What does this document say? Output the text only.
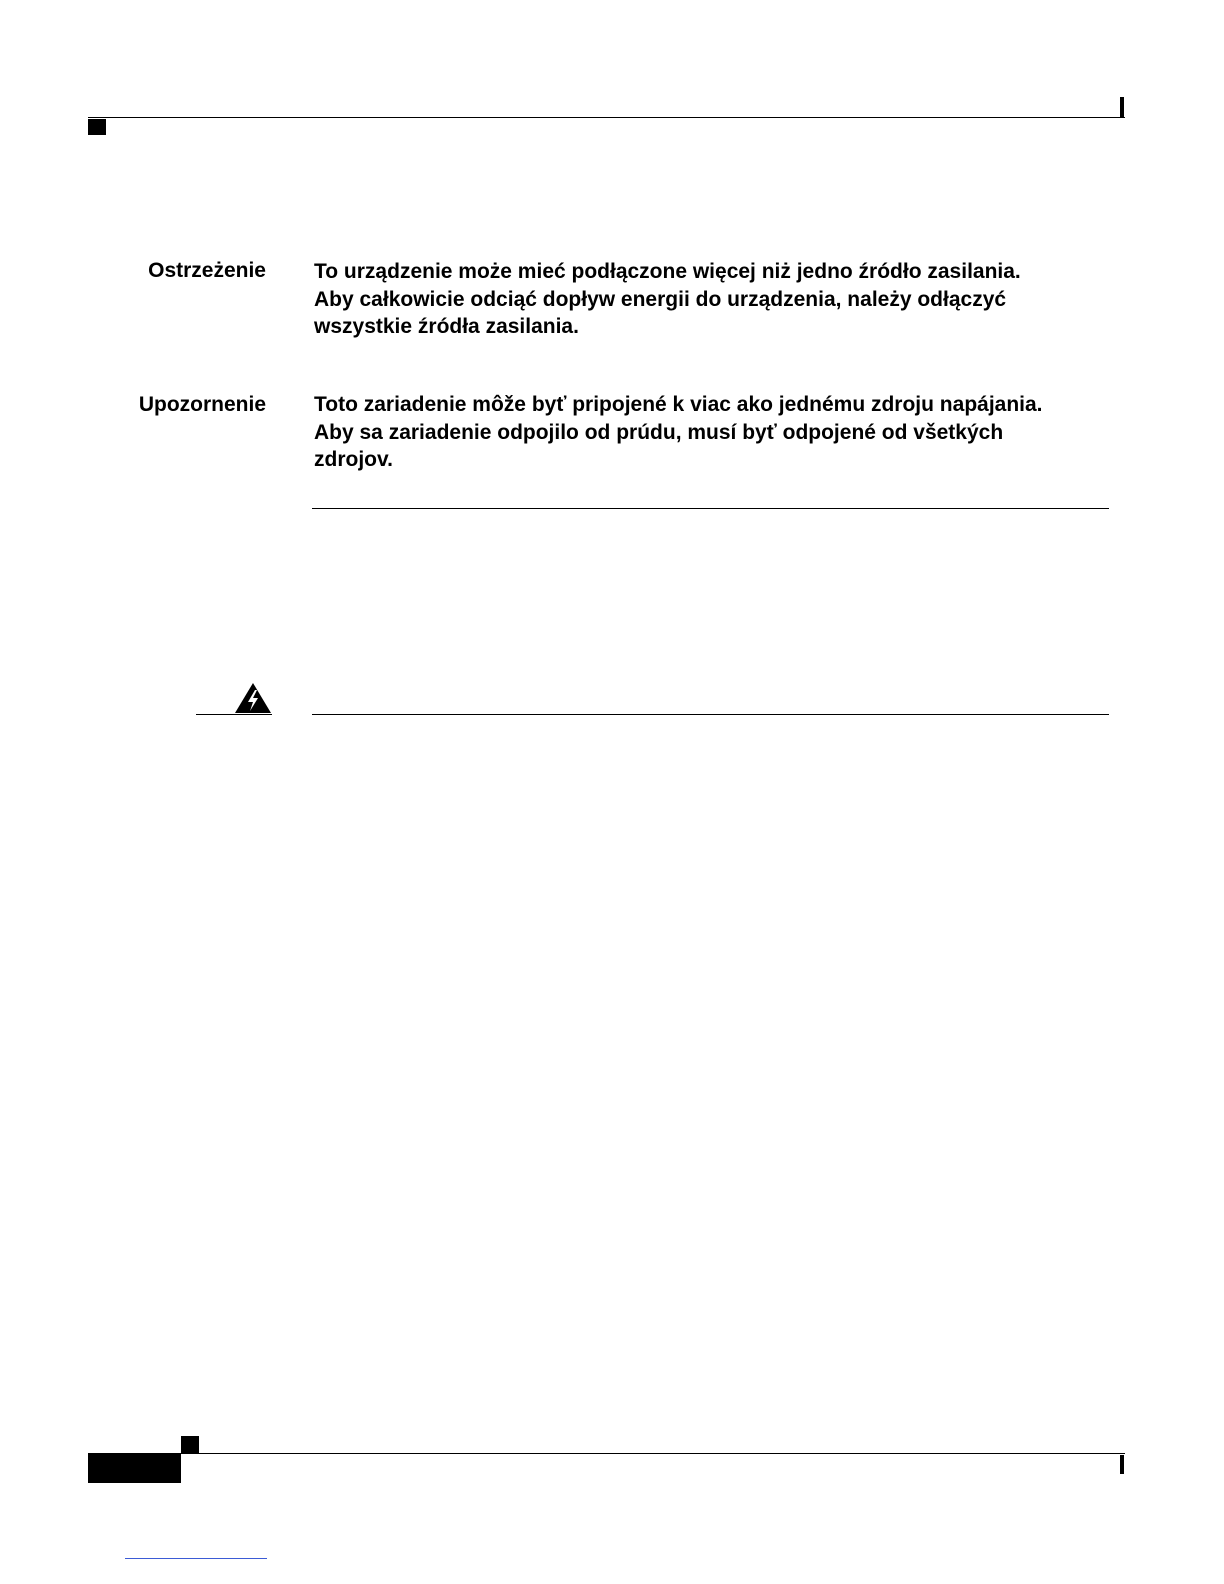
Ostrzeżenie To urządzenie może mieć podłączone więcej niż jedno źródło zasilania.
Aby całkowicie odciąć dopływ energii do urządzenia, należy odłączyć
wszystkie źródła zasilania.
Upozornenie Toto zariadenie môže byť pripojené k viac ako jednému zdroju napájania.
Aby sa zariadenie odpojilo od prúdu, musí byť odpojené od všetkých
zdrojov.
